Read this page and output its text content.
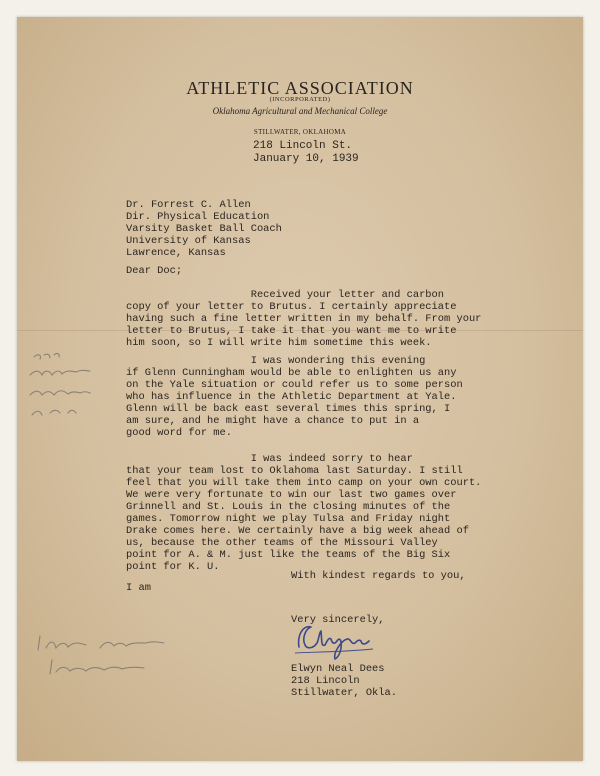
ATHLETIC ASSOCIATION
(INCORPORATED)
Oklahoma Agricultural and Mechanical College
STILLWATER, OKLAHOMA
218 Lincoln St.
January 10, 1939
Dr. Forrest C. Allen
Dir. Physical Education
Varsity Basket Ball Coach
University of Kansas
Lawrence, Kansas
Dear Doc;
Received your letter and carbon
copy of your letter to Brutus. I certainly appreciate
having such a fine letter written in my behalf. From your
letter to Brutus, I take it that you want me to write
him soon, so I will write him sometime this week.
I was wondering this evening
if Glenn Cunningham would be able to enlighten us any
on the Yale situation or could refer us to some person
who has influence in the Athletic Department at Yale.
Glenn will be back east several times this spring, I
am sure, and he might have a chance to put in a
good word for me.
I was indeed sorry to hear
that your team lost to Oklahoma last Saturday. I still
feel that you will take them into camp on your own court.
We were very fortunate to win our last two games over
Grinnell and St. Louis in the closing minutes of the
games. Tomorrow night we play Tulsa and Friday night
Drake comes here. We certainly have a big week ahead of
us, because the other teams of the Missouri Valley
point for A. & M. just like the teams of the Big Six
point for K. U.
With kindest regards to you,
I am
Very sincerely,
Elwyn Neal Dees
218 Lincoln
Stillwater, Okla.
